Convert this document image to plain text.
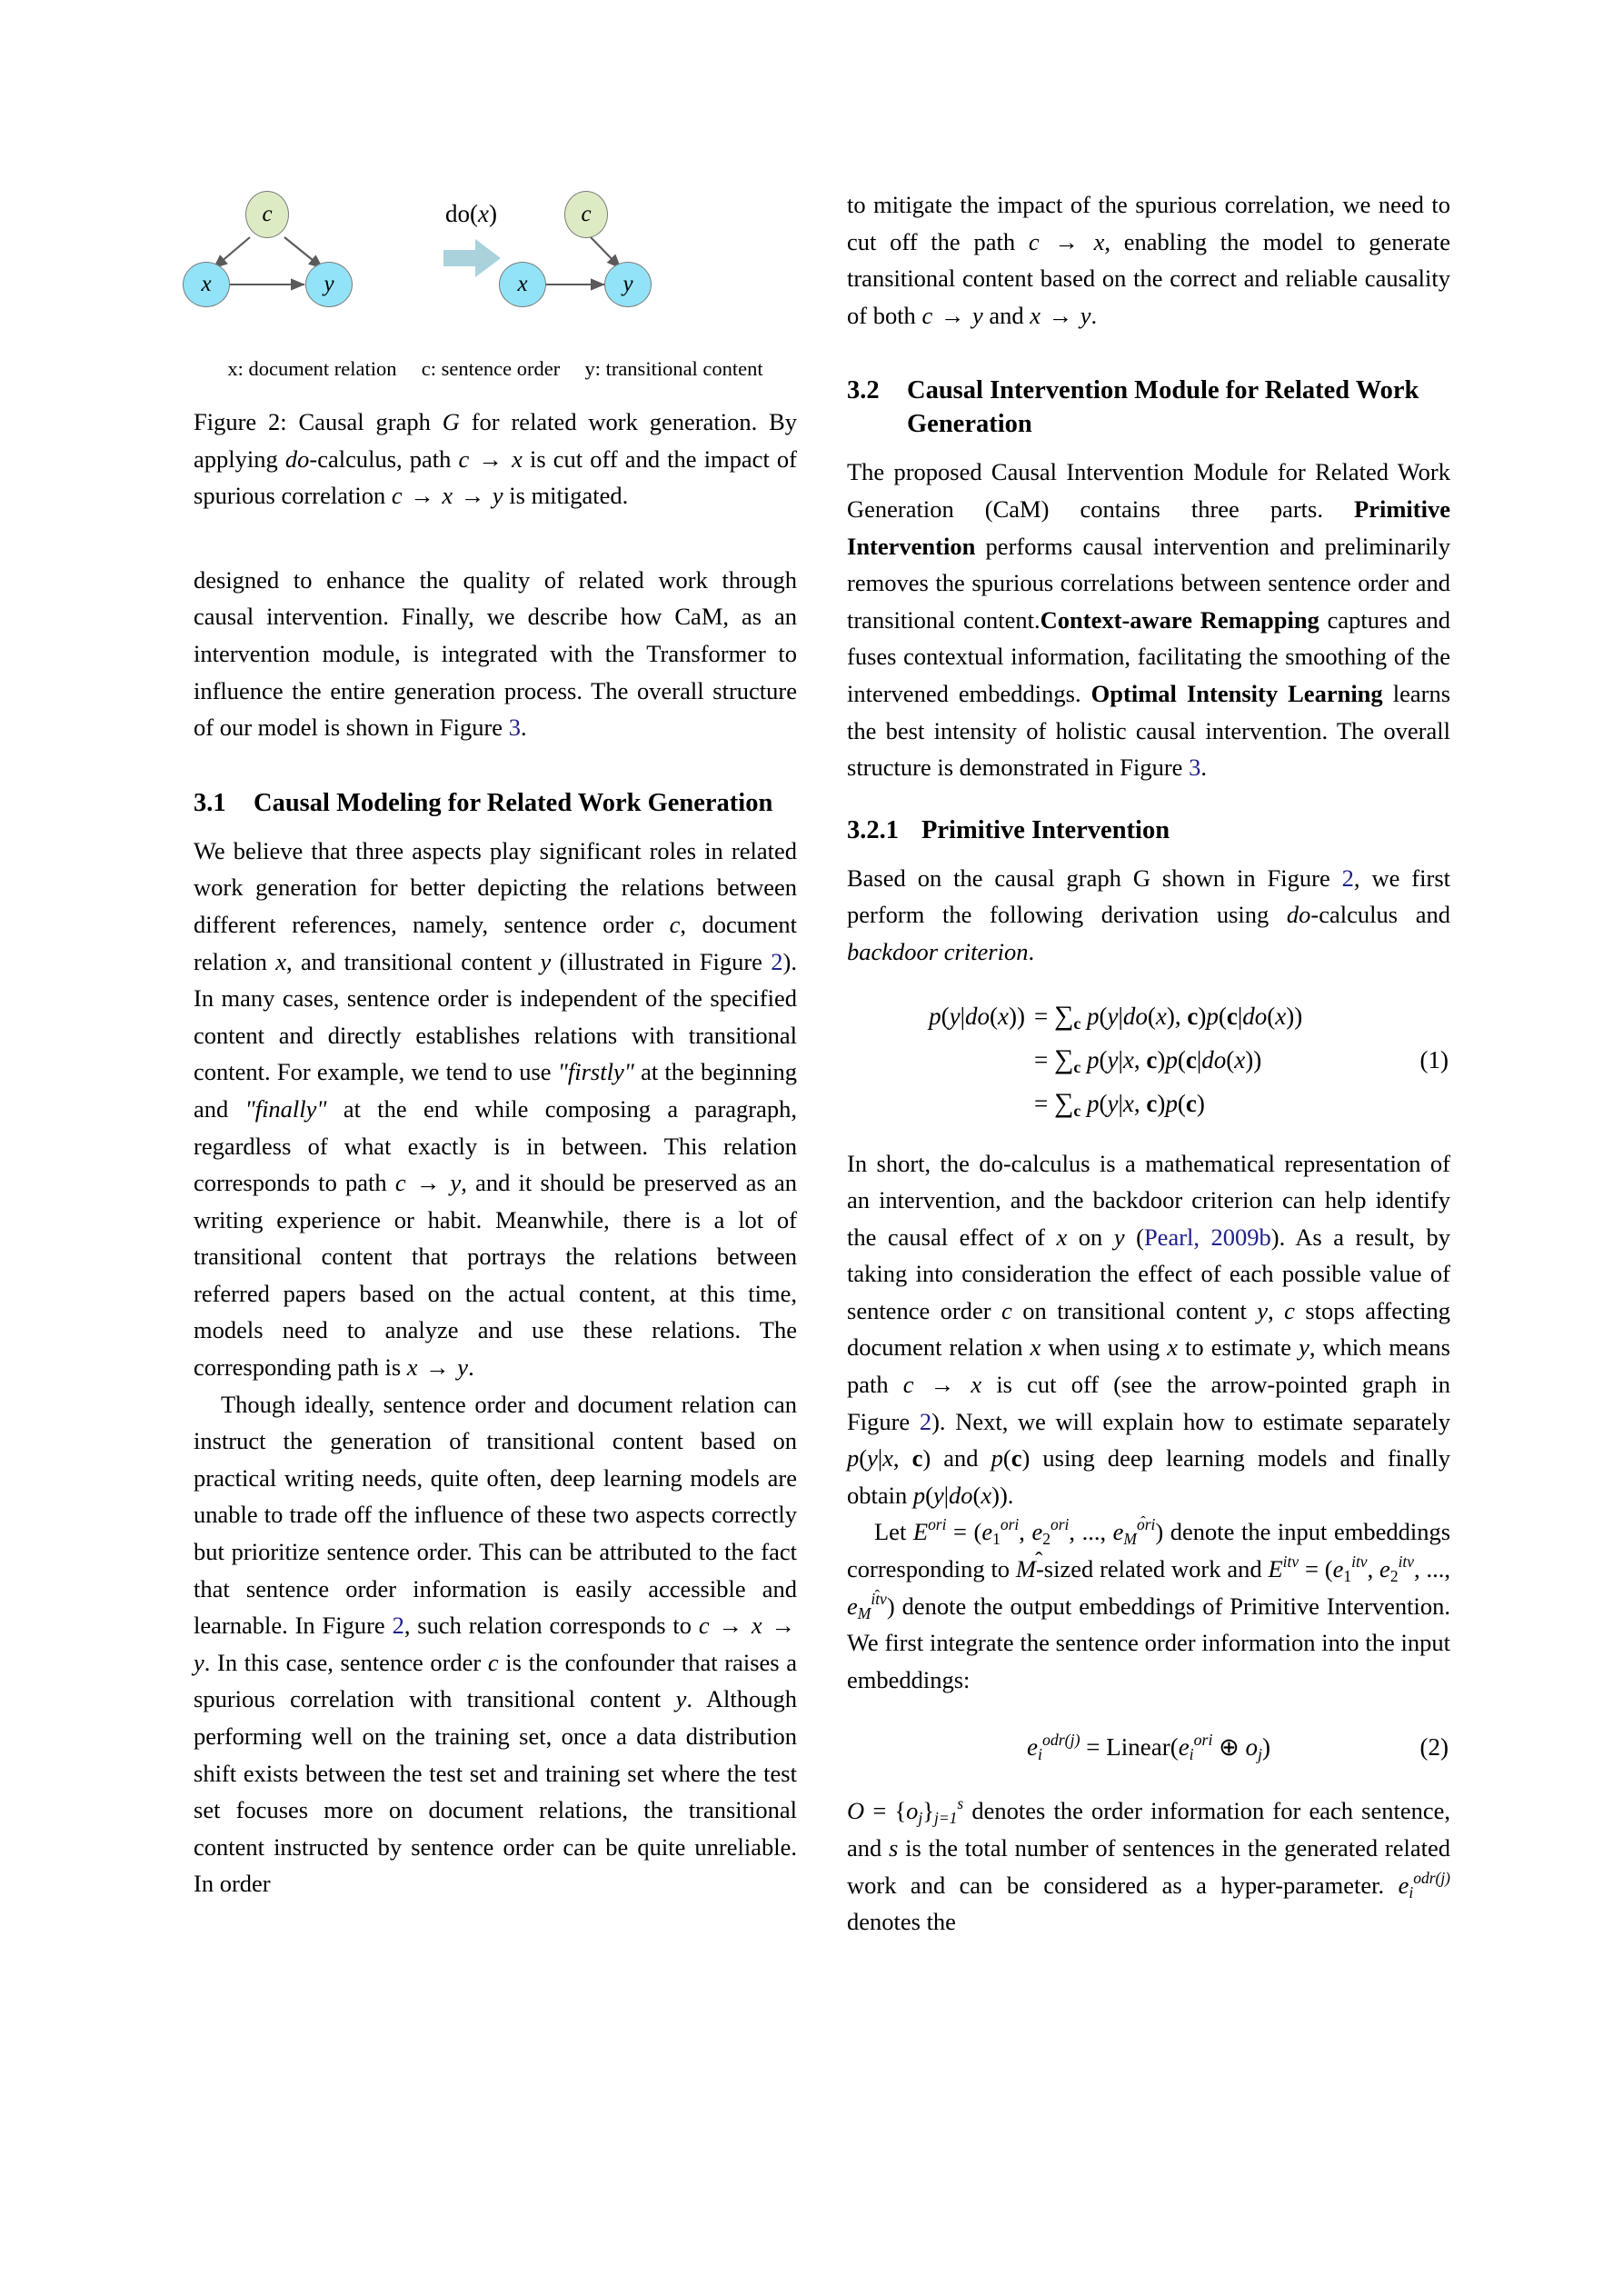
c
x	y
do(x)	c
x	y
x: document relation c: sentence order y: transitional content

Figure 2: Causal graph G for related work generation. By applying do-calculus, path c → x is cut off and the impact of spurious correlation c → x → y is mitigated.

designed to enhance the quality of related work through causal intervention. Finally, we describe how CaM, as an intervention module, is integrated with the Transformer to influence the entire genera​tion process. The overall structure of our model is shown in Figure 3.

3.1	Causal Modeling for Related Work Generation

We believe that three aspects play significant roles in related work generation for better depicting the relations between different references, namely, sen​tence order c, document relation x, and transitional content y (illustrated in Figure 2). In many cases, sentence order is independent of the specified con​tent and directly establishes relations with transi​tional content. For example, we tend to use "firstly" at the beginning and "finally" at the end while com​posing a paragraph, regardless of what exactly is in between. This relation corresponds to path c → y, and it should be preserved as an writing experience or habit. Meanwhile, there is a lot of transitional content that portrays the relations between referred papers based on the actual content, at this time, models need to analyze and use these relations. The corresponding path is x → y.

Though ideally, sentence order and document relation can instruct the generation of transitional content based on practical writing needs, quite of​ten, deep learning models are unable to trade off the influence of these two aspects correctly but pri​oritize sentence order. This can be attributed to the fact that sentence order information is easily accessible and learnable. In Figure 2, such relation corresponds to c → x → y. In this case, sentence order c is the confounder that raises a spurious correlation with transitional content y. Although performing well on the training set, once a data distribution shift exists between the test set and training set where the test set focuses more on doc​ument relations, the transitional content instructed by sentence order can be quite unreliable. In order

to mitigate the impact of the spurious correlation, we need to cut off the path c → x, enabling the model to generate transitional content based on the correct and reliable causality of both c → y and x → y.

3.2	Causal Intervention Module for Related Work Generation

The proposed Causal Intervention Module for Related Work Generation (CaM) contains three parts. Primitive Intervention performs causal intervention and preliminarily removes the spuri​ous correlations between sentence order and tran​sitional content.Context-aware Remapping cap​tures and fuses contextual information, facilitating the smoothing of the intervened embeddings. Optimal Intensity Learning learns the best intensity of holistic causal intervention. The overall structure is demonstrated in Figure 3.

3.2.1 Primitive Intervention

Based on the causal graph G shown in Figure 2, we first perform the following derivation using do-calculus and backdoor criterion.

$p(y|do(x)) = \sum_c$ p(y|do(x), c)p(c|do(x))
= $\sum_c$ p(y|x, c)p(c|do(x))	(1)
= $\sum_c$ p(y|x, c)p(c)

In short, the do-calculus is a mathematical represen​tation of an intervention, and the backdoor criterion can help identify the causal effect of x on y (Pearl, 2009b). As a result, by taking into consideration the effect of each possible value of sentence order c on transitional content y, c stops affecting docu​ment relation x when using x to estimate y, which means path c → x is cut off (see the arrow-pointed graph in Figure 2). Next, we will explain how to estimate separately p(y|x, c) and p(c) using deep learning models and finally obtain p(y|do(x)).

Let $E^{ori} = (e_1^{ori}$, $e_2^{ori}$, ..., $e_M$ ˆ$^{ori}$) denote the in​put embeddings corresponding to M ˆ-sized related work and $E^{itv} = (e_1^{itv}$, $e_2^{itv}$, ..., $e_M$ ˆ$^{itv}$) denote the output embeddings of Primitive Intervention. We first integrate the sentence order information into the input embeddings:

$e_i^{odr(j)}$ = $Linear(e_i^{ori}$ ⊕ $o_j$)	(2)

$O = \{o_j\}_{j=1}^s$ denotes the order information for each sentence, and s is the total number of sen​tences in the generated related work and can be con​sidered as a hyper-parameter. $e_i^{odr(j)}$ denotes the
